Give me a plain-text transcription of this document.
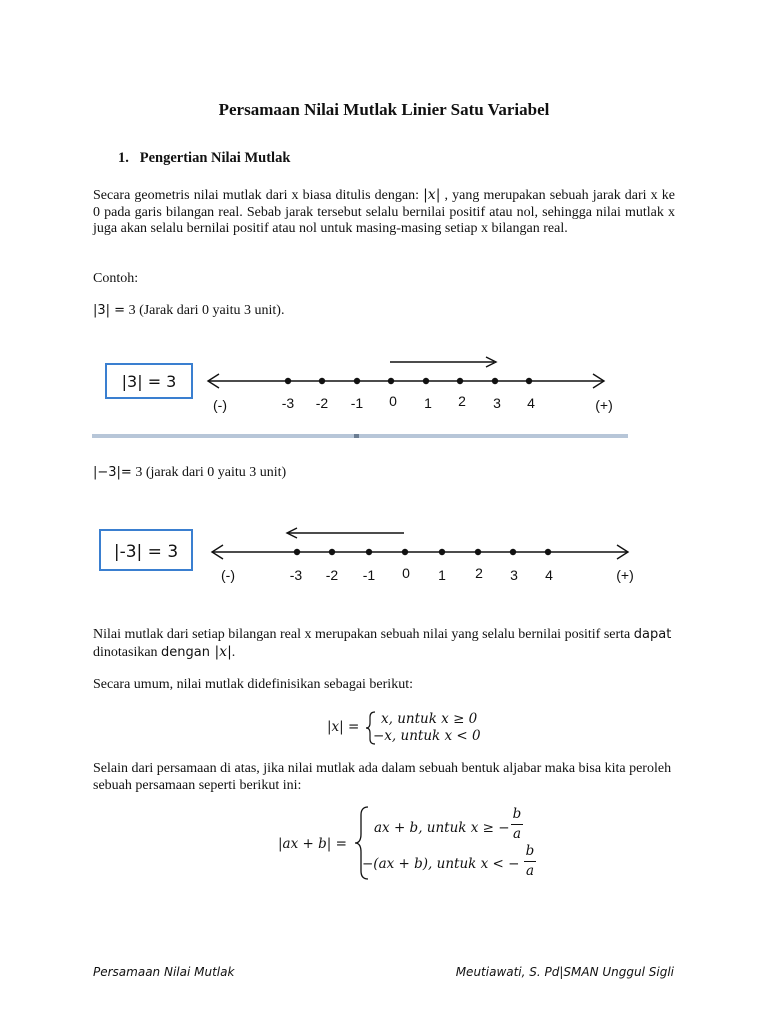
Persamaan Nilai Mutlak Linier Satu Variabel
1. Pengertian Nilai Mutlak
Secara geometris nilai mutlak dari x biasa ditulis dengan: |x| , yang merupakan sebuah jarak dari x ke 0 pada garis bilangan real. Sebab jarak tersebut selalu bernilai positif atau nol, sehingga nilai mutlak x juga akan selalu bernilai positif atau nol untuk masing-masing setiap x bilangan real.
Contoh:
|3| = 3 (Jarak dari 0 yaitu 3 unit).
|3| = 3
(-)	(+)
-3 -2 -1 0 1 2 3 4
|−3|= 3 (jarak dari 0 yaitu 3 unit)
|-3| = 3
(-)	(+)
-3 -2 -1 0 1 2 3 4
Nilai mutlak dari setiap bilangan real x merupakan sebuah nilai yang selalu bernilai positif serta dapat dinotasikan dengan |x|.
Secara umum, nilai mutlak didefinisikan sebagai berikut:
|x| = x, untuk x ≥ 0
−x, untuk x < 0
Selain dari persamaan di atas, jika nilai mutlak ada dalam sebuah bentuk aljabar maka bisa kita peroleh sebuah persamaan seperti berikut ini:
|ax + b| =
ax + b, untuk x ≥ −
b
a
−(ax + b), untuk x < −
b
a
Persamaan Nilai Mutlak	Meutiawati, S. Pd|SMAN Unggul Sigli
